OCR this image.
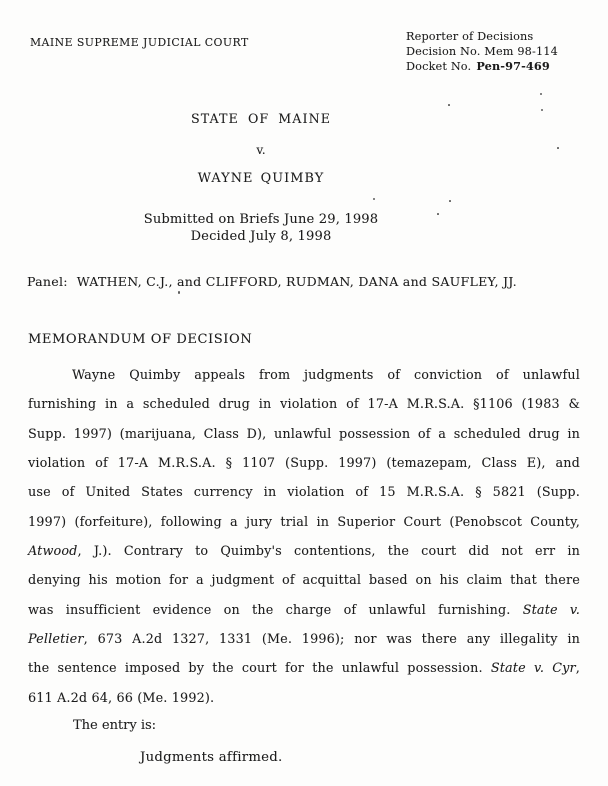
MAINE SUPREME JUDICIAL COURT	Reporter of Decisions
Decision No. Mem 98-114
Docket No. Pen-97-469
STATE OF MAINE
v.
WAYNE QUIMBY
Submitted on Briefs June 29, 1998
Decided July 8, 1998
Panel: WATHEN, C.J., and CLIFFORD, RUDMAN, DANA and SAUFLEY, JJ.
MEMORANDUM OF DECISION
Wayne Quimby appeals from judgments of conviction of unlawful
furnishing in a scheduled drug in violation of 17-A M.R.S.A. §1106 (1983 &
Supp. 1997) (marijuana, Class D), unlawful possession of a scheduled drug in
violation of 17-A M.R.S.A. § 1107 (Supp. 1997) (temazepam, Class E), and
use of United States currency in violation of 15 M.R.S.A. § 5821 (Supp.
1997) (forfeiture), following a jury trial in Superior Court (Penobscot County,
Atwood, J.). Contrary to Quimby's contentions, the court did not err in
denying his motion for a judgment of acquittal based on his claim that there
was insufficient evidence on the charge of unlawful furnishing. State v.
Pelletier, 673 A.2d 1327, 1331 (Me. 1996); nor was there any illegality in
the sentence imposed by the court for the unlawful possession. State v. Cyr,
611 A.2d 64, 66 (Me. 1992).
The entry is:
Judgments affirmed.
